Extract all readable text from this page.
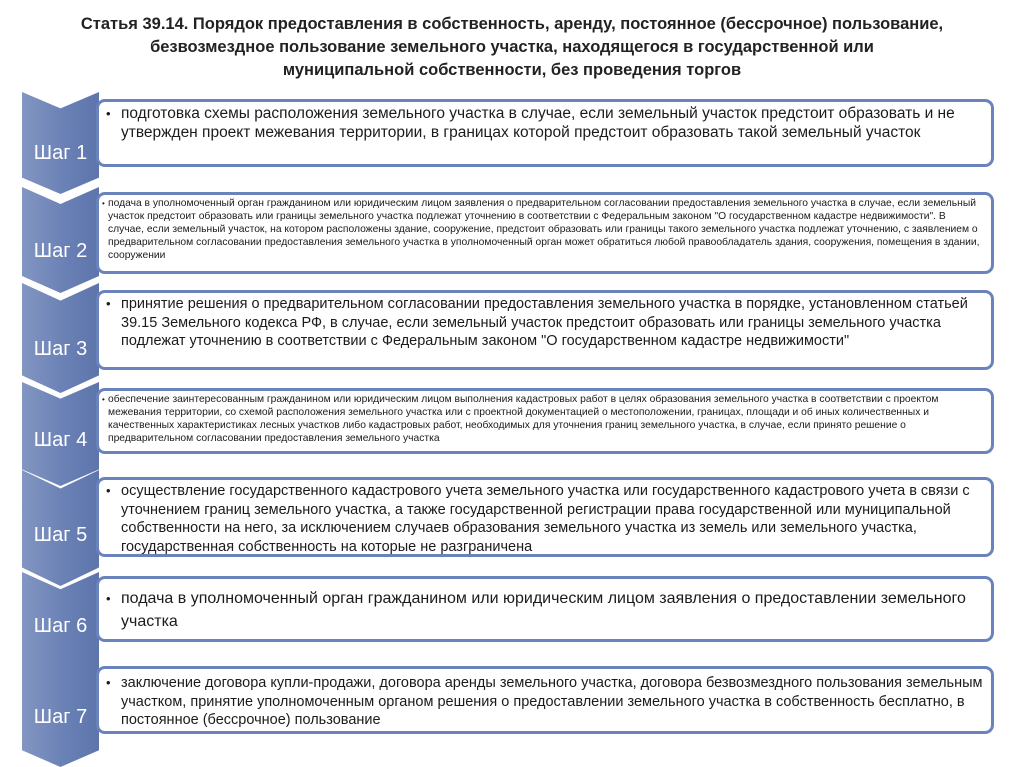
Статья 39.14. Порядок предоставления в собственность, аренду, постоянное (бессрочное) пользование,
безвозмездное пользование земельного участка, находящегося в государственной или
муниципальной собственности, без проведения торгов
Шаг 1
• подготовка схемы расположения земельного участка в случае, если земельный участок предстоит образовать и не утвержден проект межевания территории, в границах которой предстоит образовать такой земельный участок
Шаг 2
• подача в уполномоченный орган гражданином или юридическим лицом заявления о предварительном согласовании предоставления земельного участка в случае, если земельный участок предстоит образовать или границы земельного участка подлежат уточнению в соответствии с Федеральным законом "О государственном кадастре недвижимости". В случае, если земельный участок, на котором расположены здание, сооружение, предстоит образовать или границы такого земельного участка подлежат уточнению, с заявлением о предварительном согласовании предоставления земельного участка в уполномоченный орган может обратиться любой правообладатель здания, сооружения, помещения в здании, сооружении
Шаг 3
• принятие решения о предварительном согласовании предоставления земельного участка в порядке, установленном статьей 39.15 Земельного кодекса РФ, в случае, если земельный участок предстоит образовать или границы земельного участка подлежат уточнению в соответствии с Федеральным законом "О государственном кадастре недвижимости"
Шаг 4
• обеспечение заинтересованным гражданином или юридическим лицом выполнения кадастровых работ в целях образования земельного участка в соответствии с проектом межевания территории, со схемой расположения земельного участка или с проектной документацией о местоположении, границах, площади и об иных количественных и качественных характеристиках лесных участков либо кадастровых работ, необходимых для уточнения границ земельного участка, в случае, если принято решение о предварительном согласовании предоставления земельного участка
Шаг 5
• осуществление государственного кадастрового учета земельного участка или государственного кадастрового учета в связи с уточнением границ земельного участка, а также государственной регистрации права государственной или муниципальной собственности на него, за исключением случаев образования земельного участка из земель или земельного участка, государственная собственность на которые не разграничена
Шаг 6
• подача в уполномоченный орган гражданином или юридическим лицом заявления о предоставлении земельного участка
Шаг 7
• заключение договора купли-продажи, договора аренды земельного участка, договора безвозмездного пользования земельным участком, принятие уполномоченным органом решения о предоставлении земельного участка в собственность бесплатно, в постоянное (бессрочное) пользование
